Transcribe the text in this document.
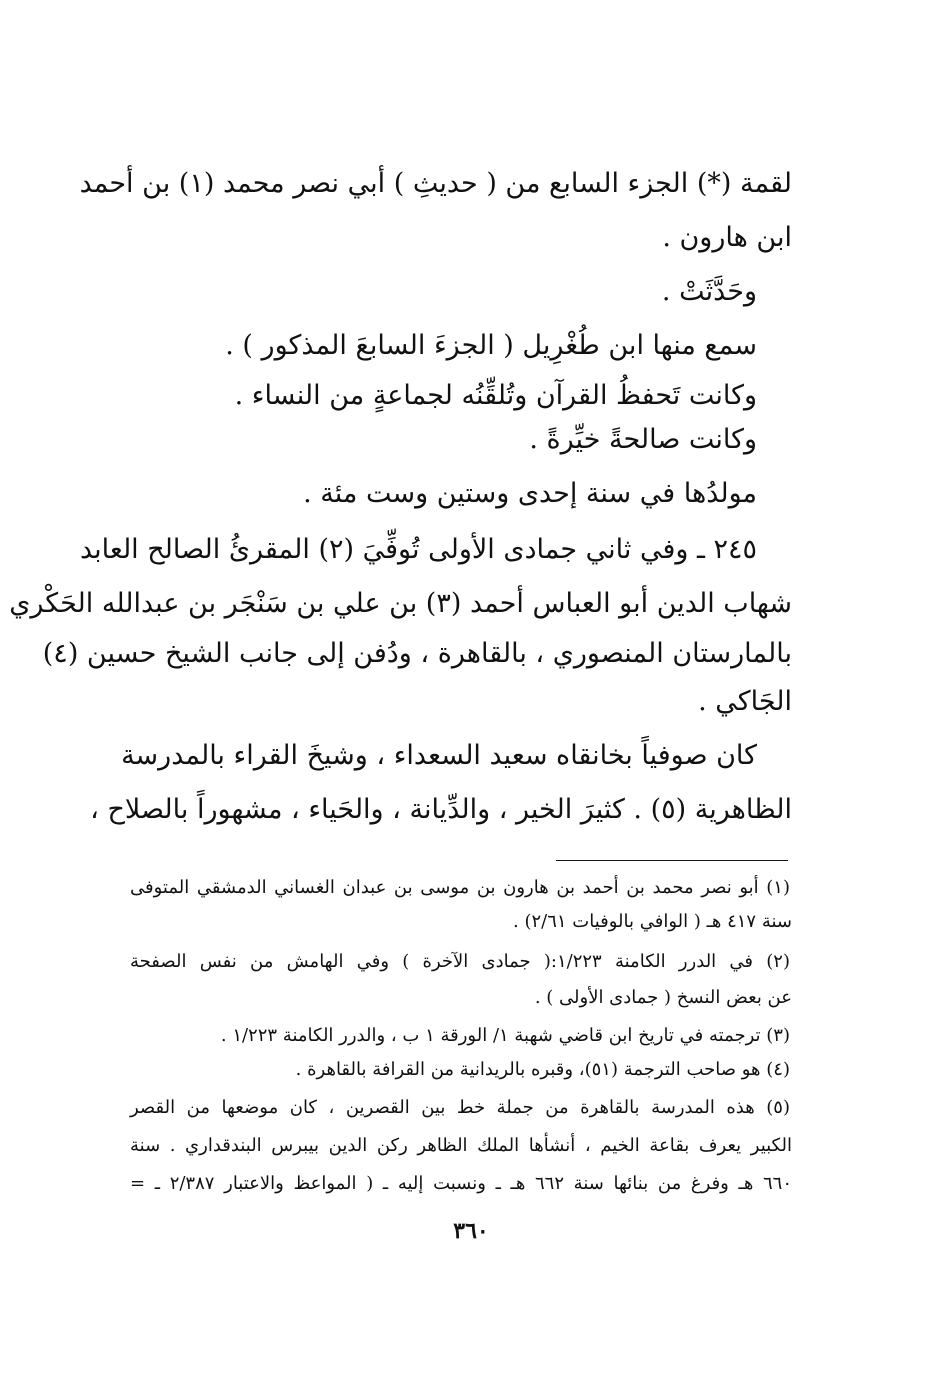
لقمة (*) الجزء السابع من ( حديثِ ) أبي نصر محمد (١) بن أحمد
ابن هارون .
وحَدَّثَتْ .
سمع منها ابن طُغْرِيل ( الجزءَ السابعَ المذكور ) .
وكانت تَحفظُ القرآن وتُلقِّنُه لجماعةٍ من النساء .
وكانت صالحةً خيِّرةً .
مولدُها في سنة إحدى وستين وست مئة .
٢٤٥ ـ وفي ثاني جمادى الأولى تُوفِّيَ (٢) المقرئُ الصالح العابد
شهاب الدين أبو العباس أحمد (٣) بن علي بن سَنْجَر بن عبدالله الحَكْري
بالمارستان المنصوري ، بالقاهرة ، ودُفن إلى جانب الشيخ حسين (٤)
الجَاكي .
كان صوفياً بخانقاه سعيد السعداء ، وشيخَ القراء بالمدرسة
الظاهرية (٥) . كثيرَ الخير ، والدِّيانة ، والحَياء ، مشهوراً بالصلاح ،
(١) أبو نصر محمد بن أحمد بن هارون بن موسى بن عبدان الغساني الدمشقي المتوفى
سنة ٤١٧ هـ ( الوافي بالوفيات ٢/٦١) .
(٢) في الدرر الكامنة ١/٢٢٣:( جمادى الآخرة ) وفي الهامش من نفس الصفحة
عن بعض النسخ ( جمادى الأولى ) .
(٣) ترجمته في تاريخ ابن قاضي شهبة ١/ الورقة ١ ب ، والدرر الكامنة ١/٢٢٣ .
(٤) هو صاحب الترجمة (٥١)، وقبره بالريدانية من القرافة بالقاهرة .
(٥) هذه المدرسة بالقاهرة من جملة خط بين القصرين ، كان موضعها من القصر
الكبير يعرف بقاعة الخيم ، أنشأها الملك الظاهر ركن الدين بيبرس البندقداري . سنة
٦٦٠ هـ وفرغ من بنائها سنة ٦٦٢ هـ ـ ونسبت إليه ـ ( المواعظ والاعتبار ٢/٣٨٧ ـ =
٣٦٠
